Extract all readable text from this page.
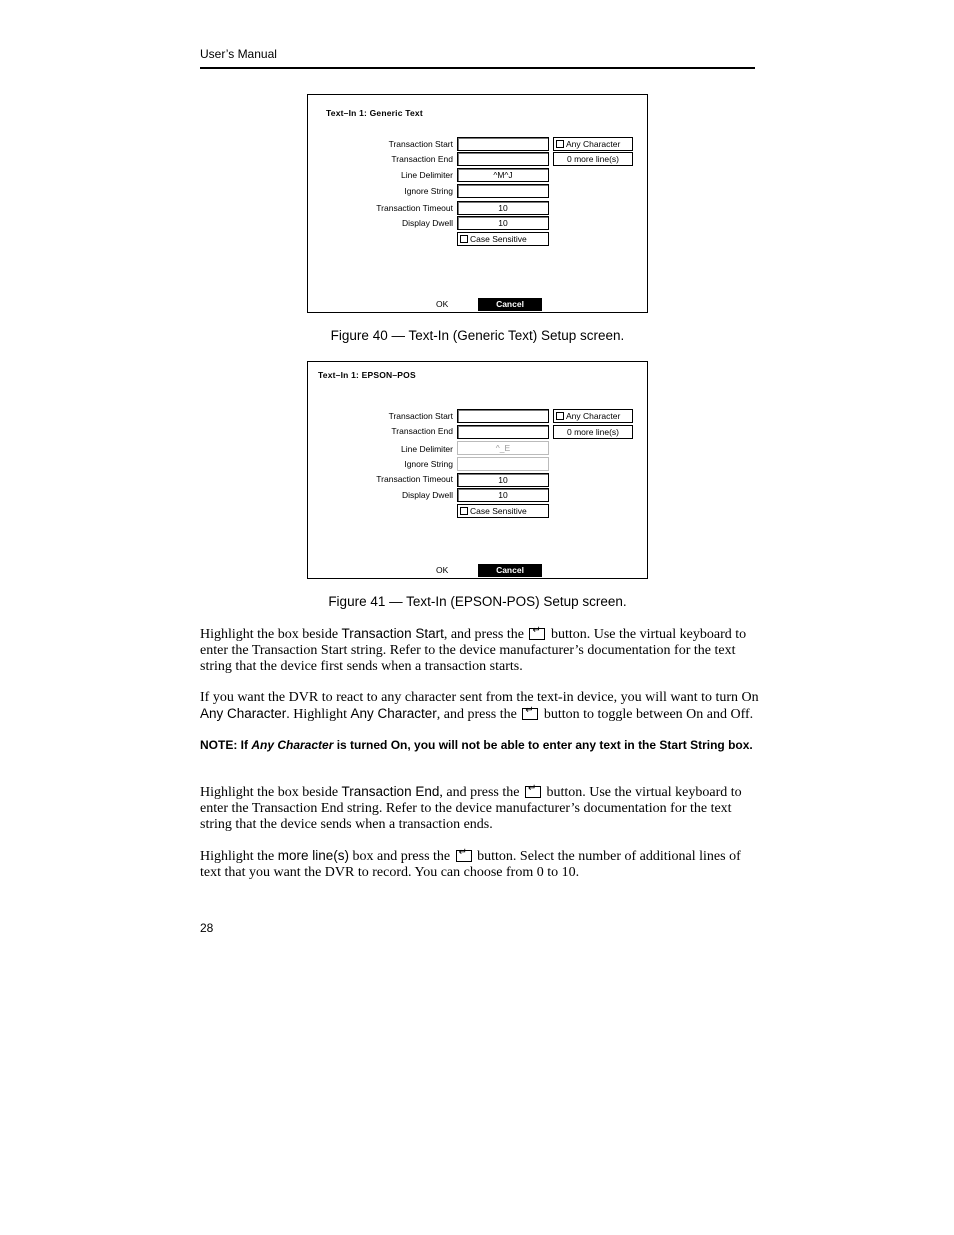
User’s Manual
Text–In 1: Generic Text
Transaction Start	Any Character
Transaction End	0 more line(s)
Line Delimiter	^M^J
Ignore String
Transaction Timeout	10
Display Dwell	10
Case Sensitive
OK	Cancel
Figure 40 — Text-In (Generic Text) Setup screen.
Text–In 1: EPSON–POS
Transaction Start	Any Character
Transaction End	0 more line(s)
Line Delimiter	^_E
Ignore String
Transaction Timeout	10
Display Dwell	10
Case Sensitive
OK	Cancel
Figure 41 — Text-In (EPSON-POS) Setup screen.

Highlight the box beside Transaction Start, and press the ↵ button. Use the virtual keyboard to enter the Transaction Start string. Refer to the device manufacturer’s documentation for the text string that the device first sends when a transaction starts.

If you want the DVR to react to any character sent from the text-in device, you will want to turn On Any Character. Highlight Any Character, and press the ↵ button to toggle between On and Off.

NOTE: If Any Character is turned On, you will not be able to enter any text in the Start String box.

Highlight the box beside Transaction End, and press the ↵ button. Use the virtual keyboard to enter the Transaction End string. Refer to the device manufacturer’s documentation for the text string that the device sends when a transaction ends.

Highlight the more line(s) box and press the ↵ button. Select the number of additional lines of text that you want the DVR to record. You can choose from 0 to 10.

28
